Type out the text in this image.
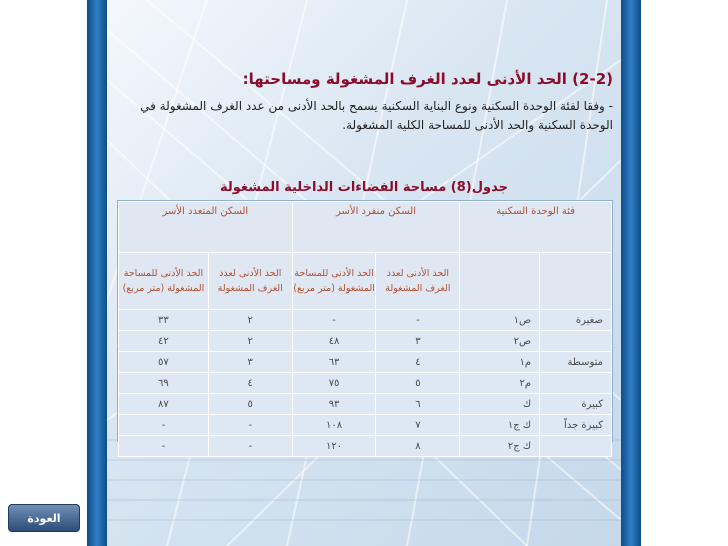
(2-2) الحد الأدنى لعدد الغرف المشغولة ومساحتها:
- وفقا لفئة الوحدة السكنية ونوع البناية السكنية يسمح بالحد الأدنى من عدد الغرف المشغولة في الوحدة السكنية والحد الأدنى للمساحة الكلية المشغولة.
جدول(8) مساحة الفضاءات الداخلية المشغولة
فئة الوحدة السكنية		السكن منفرد الأسر		السكن المتعدد الأسر	
		الحد الأدنى لعدد الغرف المشغولة	الحد الأدنى للمساحة المشغولة (متر مربع)	الحد الأدنى لعدد الغرف المشغولة	الحد الأدنى للمساحة المشغولة (متر مربع)
صغيرة	ص١	-	-	٢	٣٣
	ص٢	٣	٤٨	٢	٤٢
متوسطة	م١	٤	٦٣	٣	٥٧
	م٢	٥	٧٥	٤	٦٩
كبيرة	ك	٦	٩٣	٥	٨٧
كبيرة جداً	ك ج١	٧	١٠٨	-	-
	ك ج٢	٨	١٢٠	-	-
العودة
